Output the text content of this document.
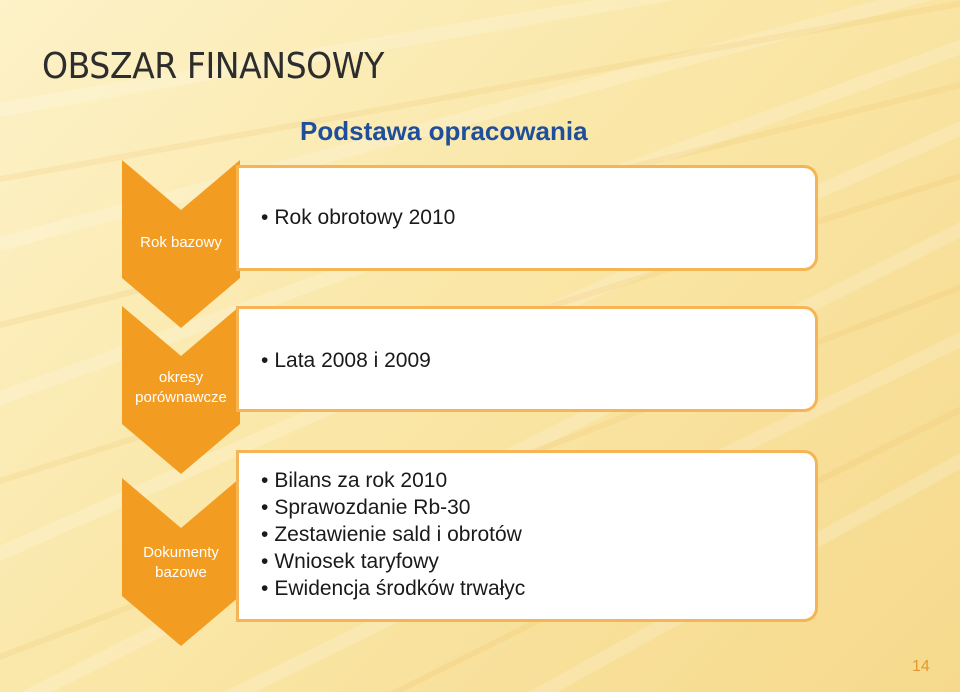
OBSZAR FINANSOWY
Podstawa opracowania
Rok bazowy
• Rok obrotowy 2010
okresy
porównawcze
• Lata 2008 i 2009
Dokumenty
bazowe
• Bilans za rok 2010
• Sprawozdanie Rb-30
• Zestawienie sald i obrotów
• Wniosek taryfowy
• Ewidencja środków trwałyc
14
